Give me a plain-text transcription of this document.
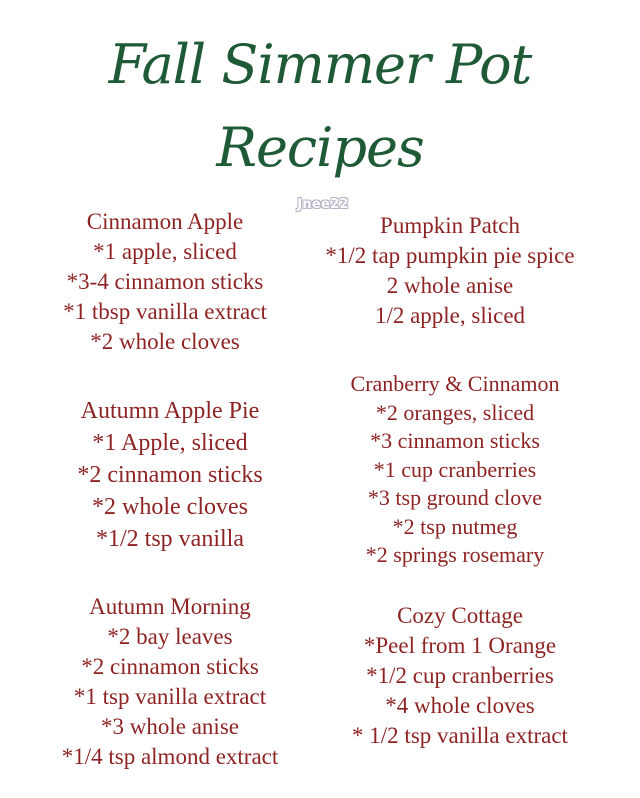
Fall Simmer Pot
Recipes
Jnee22
Cinnamon Apple
*1 apple, sliced
*3-4 cinnamon sticks
*1 tbsp vanilla extract
*2 whole cloves
Autumn Apple Pie
*1 Apple, sliced
*2 cinnamon sticks
*2 whole cloves
*1/2 tsp vanilla
Autumn Morning
*2 bay leaves
*2 cinnamon sticks
*1 tsp vanilla extract
*3 whole anise
*1/4 tsp almond extract
Pumpkin Patch
*1/2 tap pumpkin pie spice
2 whole anise
1/2 apple, sliced
Cranberry & Cinnamon
*2 oranges, sliced
*3 cinnamon sticks
*1 cup cranberries
*3 tsp ground clove
*2 tsp nutmeg
*2 springs rosemary
Cozy Cottage
*Peel from 1 Orange
*1/2 cup cranberries
*4 whole cloves
* 1/2 tsp vanilla extract
